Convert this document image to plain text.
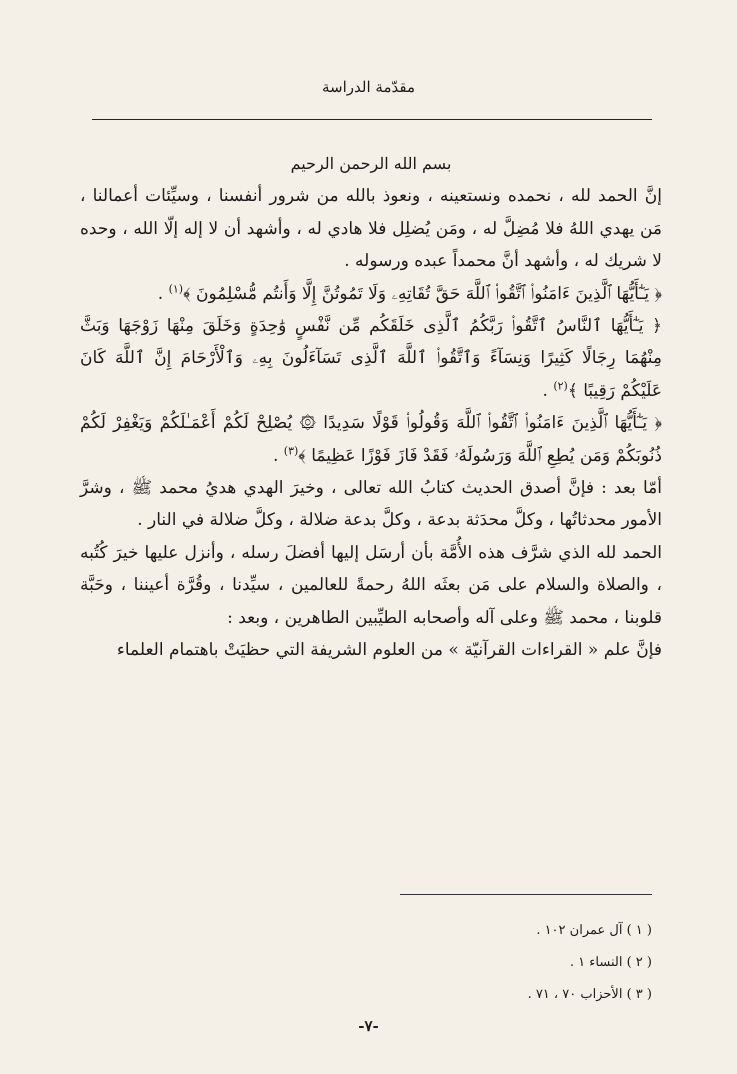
مقدّمة الدراسة

بسم الله الرحمن الرحيم

إنَّ الحمد لله ، نحمده ونستعينه ، ونعوذ بالله من شرور أنفسنا ، وسيِّئات أعمالنا ، مَن يهدي اللهُ فلا مُضِلَّ له ، ومَن يُضلِل فلا هادي له ، وأشهد أن لا إله إلّا الله ، وحده لا شريك له ، وأشهد أنَّ محمداً عبده ورسوله .

﴿ يَـٰٓأَيُّهَا ٱلَّذِينَ ءَامَنُوا۟ ٱتَّقُوا۟ ٱللَّهَ حَقَّ تُقَاتِهِۦ وَلَا تَمُوتُنَّ إِلَّا وَأَنتُم مُّسْلِمُونَ ﴾$^{(١)}$ .

﴿ يَـٰٓأَيُّهَا ٱلنَّاسُ ٱتَّقُوا۟ رَبَّكُمُ ٱلَّذِى خَلَقَكُم مِّن نَّفْسٍ وَٰحِدَةٍ وَخَلَقَ مِنْهَا زَوْجَهَا وَبَثَّ مِنْهُمَا رِجَالًا كَثِيرًا وَنِسَآءً وَٱتَّقُوا۟ ٱللَّهَ ٱلَّذِى تَسَآءَلُونَ بِهِۦ وَٱلْأَرْحَامَ إِنَّ ٱللَّهَ كَانَ عَلَيْكُمْ رَقِيبًا ﴾$^{(٢)}$ .

﴿ يَـٰٓأَيُّهَا ٱلَّذِينَ ءَامَنُوا۟ ٱتَّقُوا۟ ٱللَّهَ وَقُولُوا۟ قَوْلًا سَدِيدًا ۞ يُصْلِحْ لَكُمْ أَعْمَـٰلَكُمْ وَيَغْفِرْ لَكُمْ ذُنُوبَكُمْ وَمَن يُطِعِ ٱللَّهَ وَرَسُولَهُۥ فَقَدْ فَازَ فَوْزًا عَظِيمًا ﴾$^{(٣)}$ .

أمّا بعد : فإنَّ أصدق الحديث كتابُ الله تعالى ، وخيرَ الهدي هديُ محمد ﷺ ، وشرَّ الأمور محدثاتُها ، وكلَّ محدَثة بدعة ، وكلَّ بدعة ضلالة ، وكلَّ ضلالة في النار .

الحمد لله الذي شرَّف هذه الأُمَّة بأن أرسَل إليها أفضلَ رسله ، وأنزل عليها خيرَ كُتُبه ، والصلاة والسلام على مَن بعثَه اللهُ رحمةً للعالمين ، سيِّدنا ، وقُرَّة أعيننا ، وحَبَّة قلوبنا ، محمد ﷺ وعلى آله وأصحابه الطيِّبين الطاهرين ، وبعد :

فإنَّ علم « القراءات القرآنيّة » من العلوم الشريفة التي حظيَتْ باهتمام العلماء

( ١ ) آل عمران ١٠٢ .
( ٢ ) النساء ١ .
( ٣ ) الأحزاب ٧٠ ، ٧١ .
-٧-
